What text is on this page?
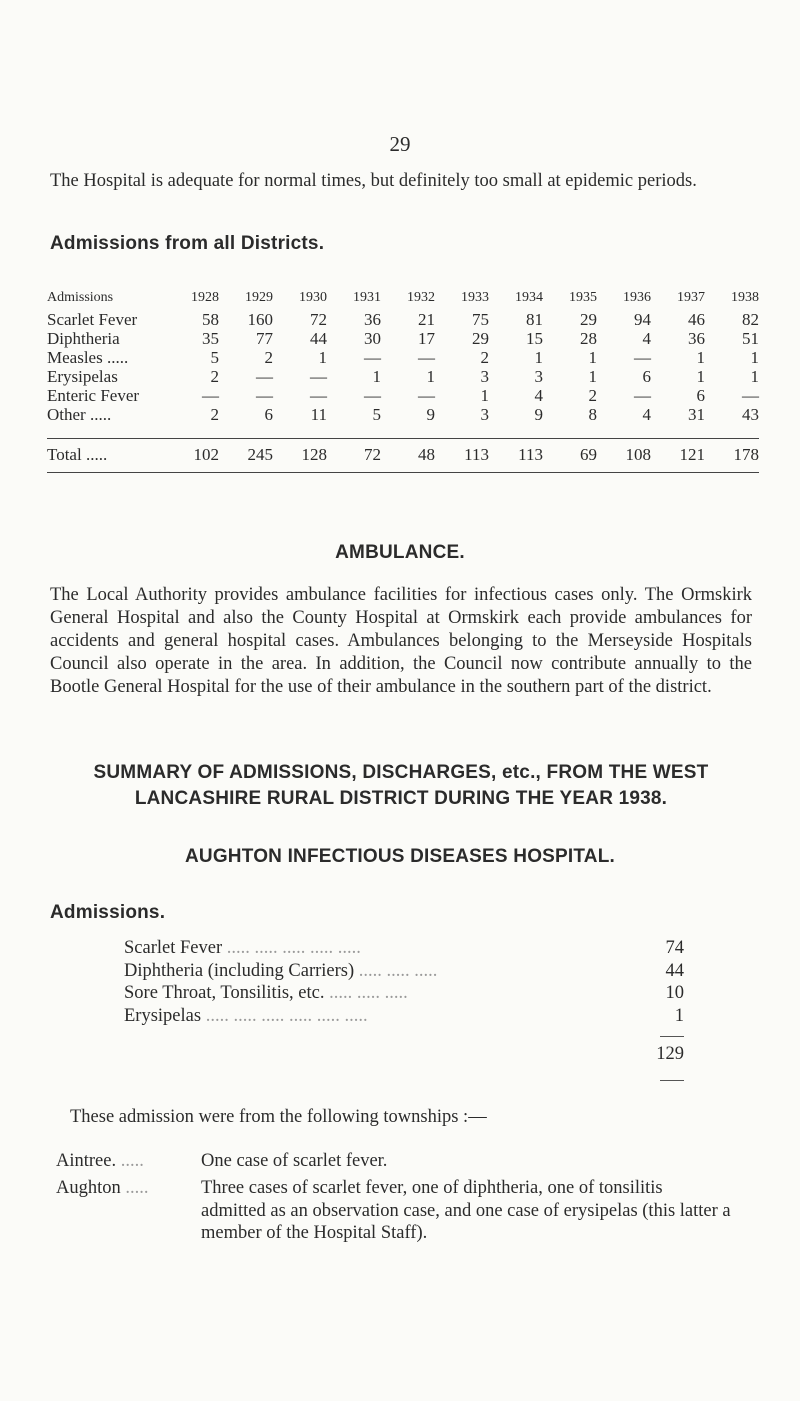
29

The Hospital is adequate for normal times, but definitely too small at epidemic periods.

Admissions from all Districts.
Admissions	1928	1929	1930	1931	1932	1933	1934	1935	1936	1937	1938
Scarlet Fever	58	160	72	36	21	75	81	29	94	46	82
Diphtheria	35	77	44	30	17	29	15	28	4	36	51
Measles .....	5	2	1	—	—	2	1	1	—	1	1
Erysipelas	2	—	—	1	1	3	3	1	6	1	1
Enteric Fever	—	—	—	—	—	1	4	2	—	6	—
Other .....	2	6	11	5	9	3	9	8	4	31	43

Total .....	102	245	128	72	48	113	113	69	108	121	178
AMBULANCE.

The Local Authority provides ambulance facilities for infectious cases only. The Ormskirk General Hospital and also the County Hospital at Ormskirk each provide ambulances for accidents and general hospital cases. Ambulances belonging to the Merseyside Hospitals Council also operate in the area. In addition, the Council now contribute annually to the Bootle General Hospital for the use of their ambulance in the southern part of the district.

SUMMARY OF ADMISSIONS, DISCHARGES, etc., FROM THE WEST LANCASHIRE RURAL DISTRICT DURING THE YEAR 1938.
AUGHTON INFECTIOUS DISEASES HOSPITAL.
Admissions.
Scarlet Fever ..... ..... ..... ..... .....	74
Diphtheria (including Carriers) ..... ..... .....	44
Sore Throat, Tonsilitis, etc. ..... ..... .....	10
Erysipelas ..... ..... ..... ..... ..... .....	1
129

These admission were from the following townships :—

Aintree. .....	One case of scarlet fever.
Aughton .....	Three cases of scarlet fever, one of diphtheria, one of tonsilitis admitted as an observation case, and one case of erysipelas (this latter a member of the Hospital Staff).
